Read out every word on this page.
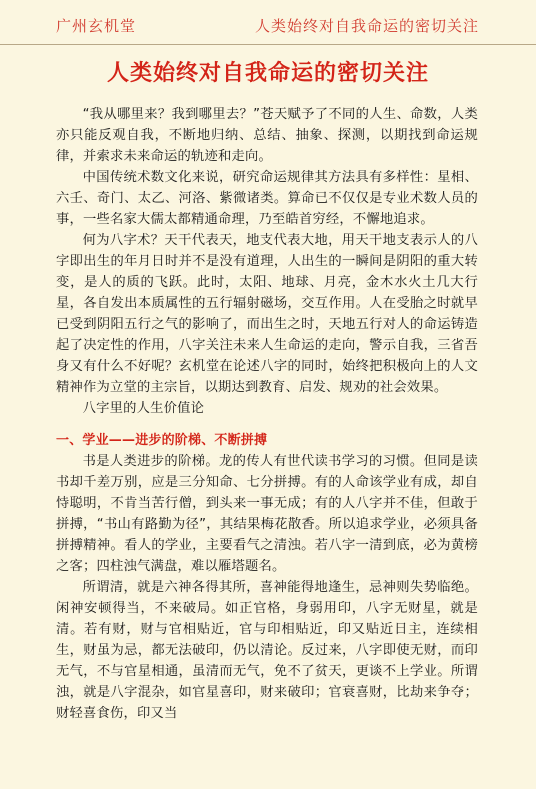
广州玄机堂	人类始终对自我命运的密切关注
人类始终对自我命运的密切关注

“我从哪里来？我到哪里去？”苍天赋予了不同的人生、命数，人类亦只能反观自我，不断地归纳、总结、抽象、探测，以期找到命运规律，并索求未来命运的轨迹和走向。

中国传统术数文化来说，研究命运规律其方法具有多样性：星相、六壬、奇门、太乙、河洛、紫微诸类。算命已不仅仅是专业术数人员的事，一些名家大儒太都精通命理，乃至皓首穷经，不懈地追求。

何为八字术？天干代表天，地支代表大地，用天干地支表示人的八字即出生的年月日时并不是没有道理，人出生的一瞬间是阴阳的重大转变，是人的质的飞跃。此时，太阳、地球、月亮，金木水火土几大行星，各自发出本质属性的五行辐射磁场，交互作用。人在受胎之时就早已受到阴阳五行之气的影响了，而出生之时，天地五行对人的命运铸造起了决定性的作用，八字关注未来人生命运的走向，警示自我，三省吾身又有什么不好呢？玄机堂在论述八字的同时，始终把积极向上的人文精神作为立堂的主宗旨，以期达到教育、启发、规劝的社会效果。

八字里的人生价值论

一、学业——进步的阶梯、不断拼搏

书是人类进步的阶梯。龙的传人有世代读书学习的习惯。但同是读书却千差万别，应是三分知命、七分拼搏。有的人命该学业有成，却自恃聪明，不肯当苦行僧，到头来一事无成；有的人八字并不佳，但敢于拼搏，“书山有路勤为径”，其结果梅花散香。所以追求学业，必须具备拼搏精神。看人的学业，主要看气之清浊。若八字一清到底，必为黄榜之客；四柱浊气满盘，难以雁塔题名。

所谓清，就是六神各得其所，喜神能得地逢生，忌神则失势临绝。闲神安顿得当，不来破局。如正官格，身弱用印，八字无财星，就是清。若有财，财与官相贴近，官与印相贴近，印又贴近日主，连续相生，财虽为忌，都无法破印，仍以清论。反过来，八字即使无财，而印无气，不与官星相通，虽清而无气，免不了贫天，更谈不上学业。所谓浊，就是八字混杂，如官星喜印，财来破印；官衰喜财，比劫来争夺；财轻喜食伤，印又当
